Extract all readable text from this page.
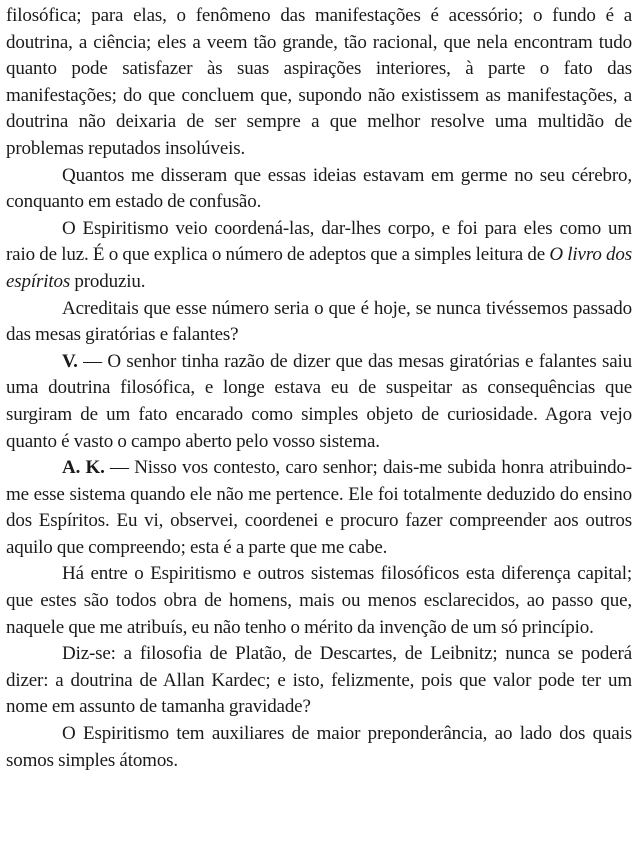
filosófica; para elas, o fenômeno das manifestações é acessório; o fundo é a doutrina, a ciência; eles a veem tão grande, tão racional, que nela encontram tudo quanto pode satisfazer às suas aspirações interiores, à parte o fato das manifestações; do que concluem que, supondo não existissem as manifestações, a doutrina não deixaria de ser sempre a que melhor resolve uma multidão de problemas reputados insolúveis.

Quantos me disseram que essas ideias estavam em germe no seu cérebro, conquanto em estado de confusão.

O Espiritismo veio coordená-las, dar-lhes corpo, e foi para eles como um raio de luz. É o que explica o número de adeptos que a simples leitura de O livro dos espíritos produziu.

Acreditais que esse número seria o que é hoje, se nunca tivéssemos passado das mesas giratórias e falantes?

V. — O senhor tinha razão de dizer que das mesas giratórias e falantes saiu uma doutrina filosófica, e longe estava eu de suspeitar as consequências que surgiram de um fato encarado como simples objeto de curiosidade. Agora vejo quanto é vasto o campo aberto pelo vosso sistema.

A. K. — Nisso vos contesto, caro senhor; dais-me subida honra atribuindo-me esse sistema quando ele não me pertence. Ele foi totalmente deduzido do ensino dos Espíritos. Eu vi, observei, coordenei e procuro fazer compreender aos outros aquilo que compreendo; esta é a parte que me cabe.

Há entre o Espiritismo e outros sistemas filosóficos esta diferença capital; que estes são todos obra de homens, mais ou menos esclarecidos, ao passo que, naquele que me atribuís, eu não tenho o mérito da invenção de um só princípio.

Diz-se: a filosofia de Platão, de Descartes, de Leibnitz; nunca se poderá dizer: a doutrina de Allan Kardec; e isto, felizmente, pois que valor pode ter um nome em assunto de tamanha gravidade?

O Espiritismo tem auxiliares de maior preponderância, ao lado dos quais somos simples átomos.
